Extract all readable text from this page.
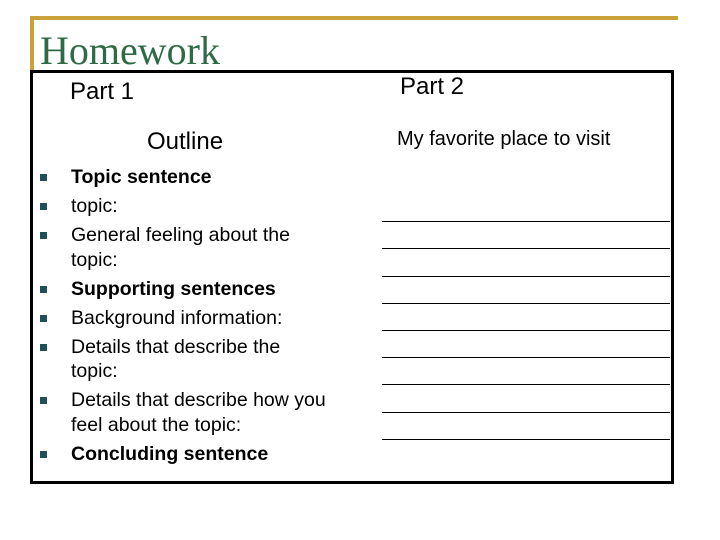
Homework
Part 1
Outline
Topic sentence
topic:
General feeling about the topic:
Supporting sentences
Background information:
Details that describe the topic:
Details that describe how you feel about the topic:
Concluding sentence
Part 2
My favorite place to visit
